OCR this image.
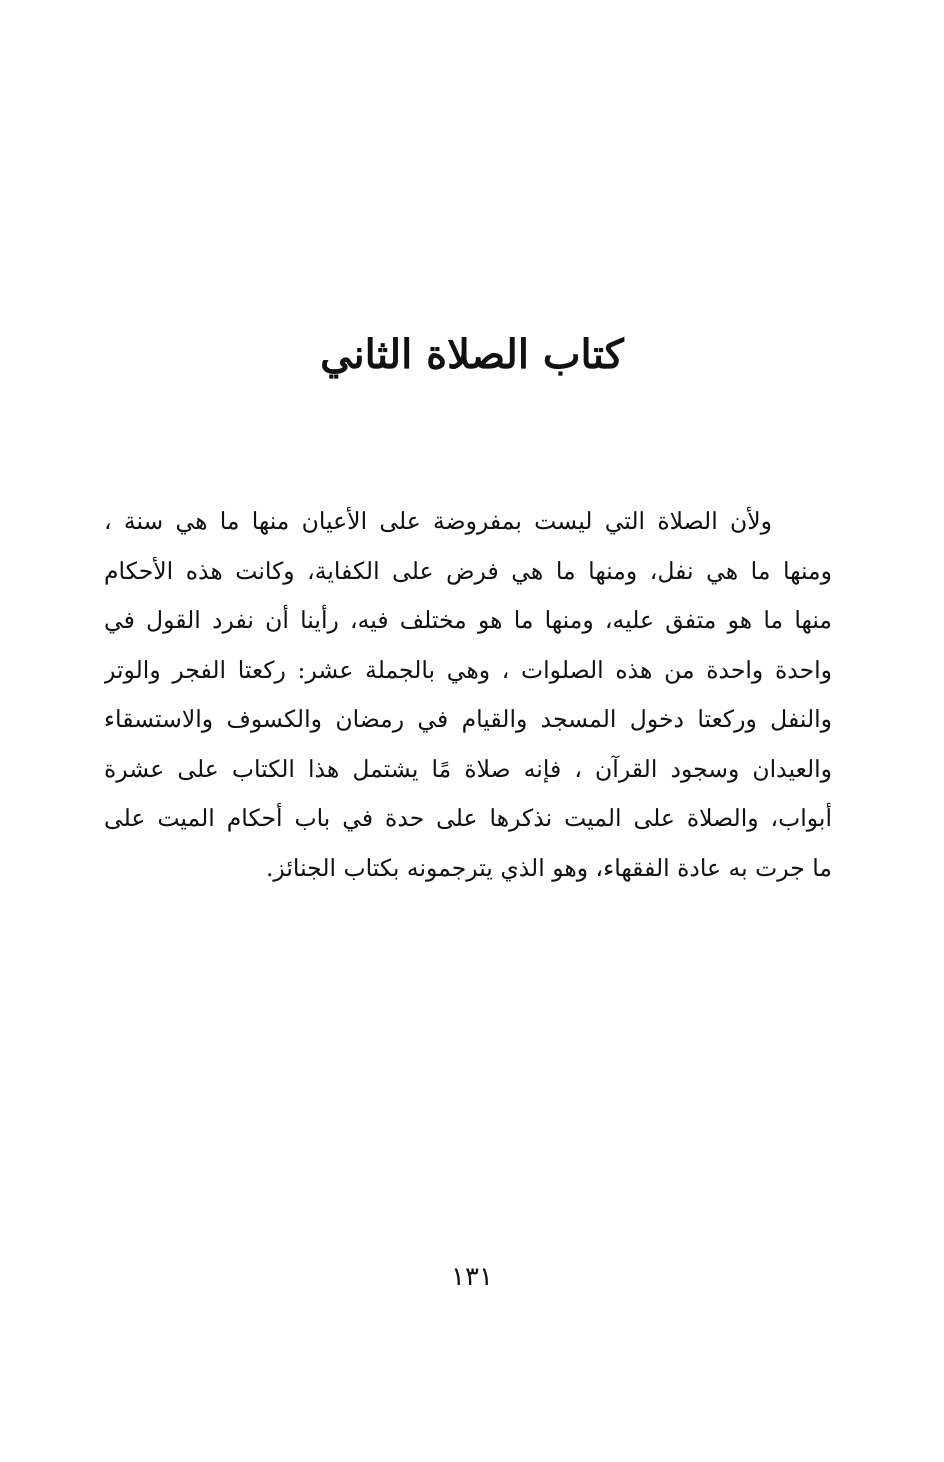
كتاب الصلاة الثاني
ولأن الصلاة التي ليست بمفروضة على الأعيان منها ما هي سنة ،
ومنها ما هي نفل، ومنها ما هي فرض على الكفاية، وكانت هذه الأحكام
منها ما هو متفق عليه، ومنها ما هو مختلف فيه، رأينا أن نفرد القول في
واحدة واحدة من هذه الصلوات ، وهي بالجملة عشر: ركعتا الفجر والوتر
والنفل وركعتا دخول المسجد والقيام في رمضان والكسوف والاستسقاء
والعيدان وسجود القرآن ، فإنه صلاة مًا يشتمل هذا الكتاب على عشرة
أبواب، والصلاة على الميت نذكرها على حدة في باب أحكام الميت على
ما جرت به عادة الفقهاء، وهو الذي يترجمونه بكتاب الجنائز.
١٣١
